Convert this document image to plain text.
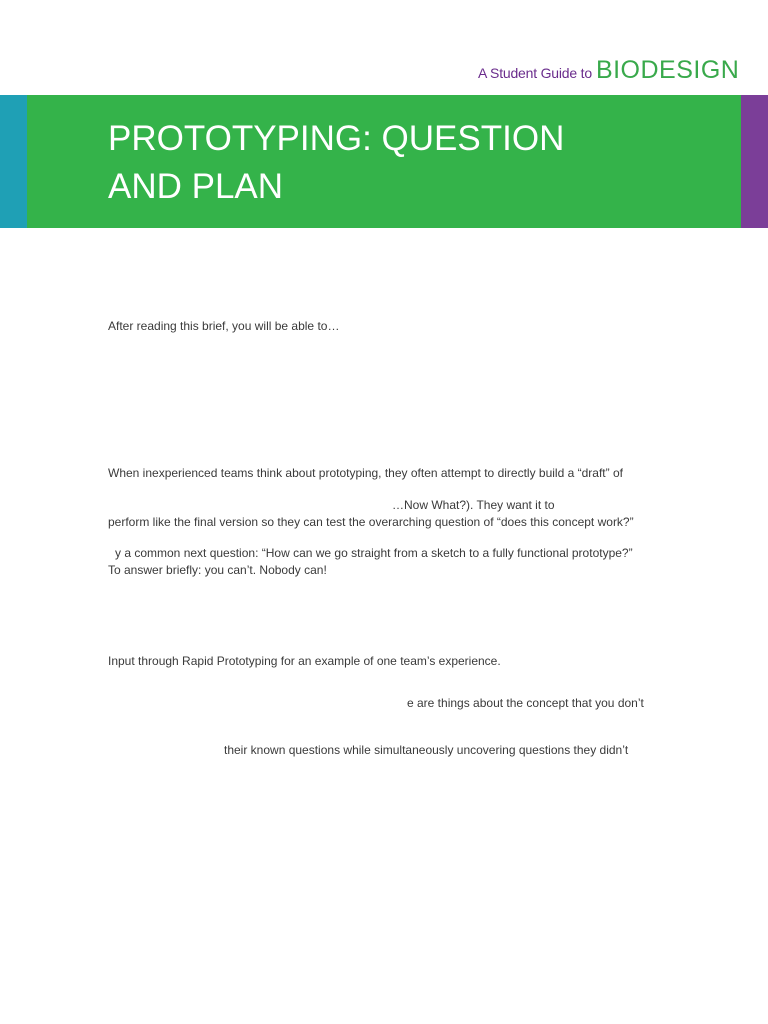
A Student Guide to BIODESIGN
PROTOTYPING: QUESTION
AND PLAN

After reading this brief, you will be able to…

When inexperienced teams think about prototyping, they often attempt to directly build a “draft” of

…Now What?). They want it to

perform like the final version so they can test the overarching question of “does this concept work?”

y a common next question: “How can we go straight from a sketch to a fully functional prototype?”

To answer briefly: you can’t. Nobody can!

Input through Rapid Prototyping for an example of one team’s experience.

e are things about the concept that you don’t

their known questions while simultaneously uncovering questions they didn’t
